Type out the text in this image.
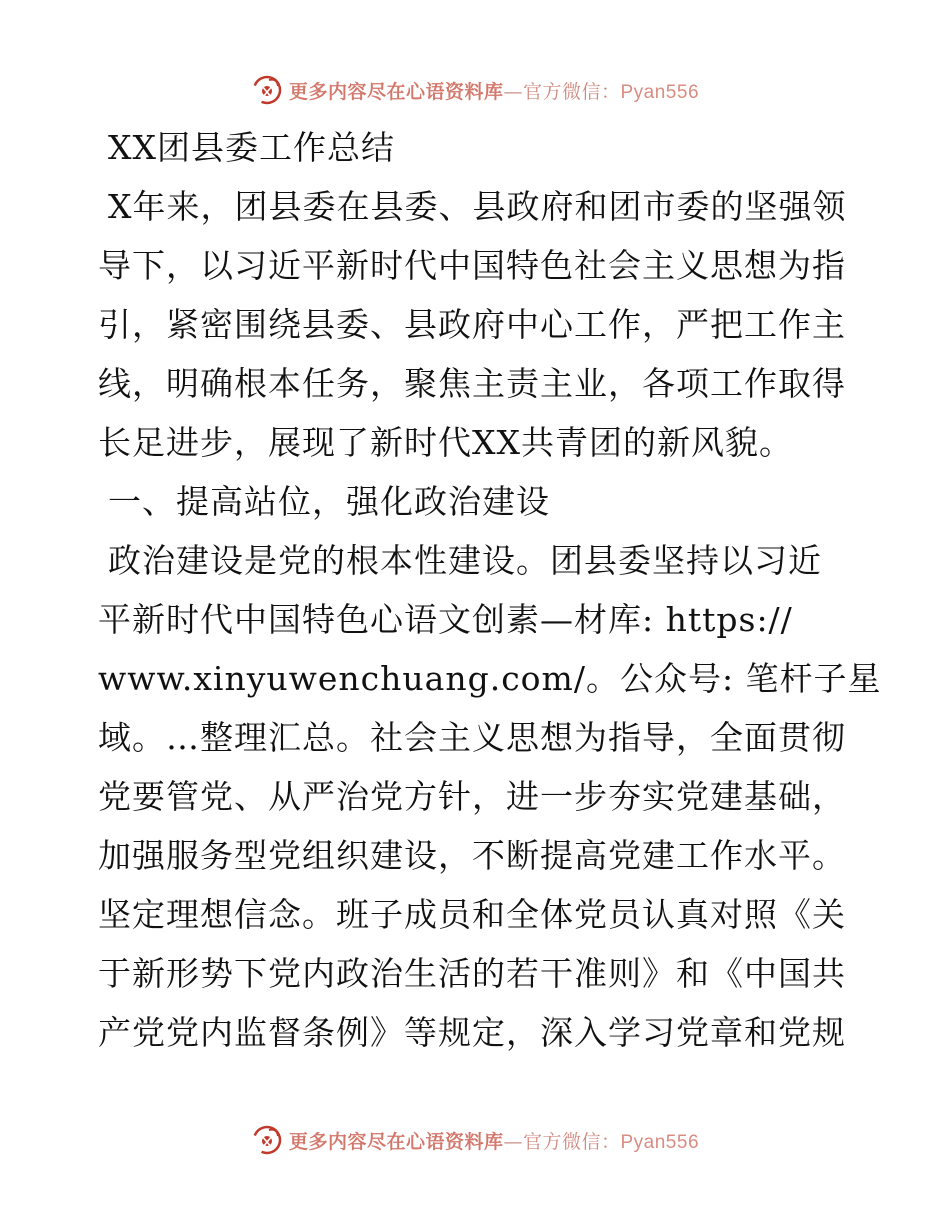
更多内容尽在心语资料库—官方微信：Pyan556
XX团县委工作总结
X年来，团县委在县委、县政府和团市委的坚强领
导下，以习近平新时代中国特色社会主义思想为指
引，紧密围绕县委、县政府中心工作，严把工作主
线，明确根本任务，聚焦主责主业，各项工作取得
长足进步，展现了新时代XX共青团的新风貌。
一、提高站位，强化政治建设
政治建设是党的根本性建设。团县委坚持以习近
平新时代中国特色心语文创素—材库: https://
www.xinyuwenchuang.com/。公众号: 笔杆子星
域。…整理汇总。社会主义思想为指导，全面贯彻
党要管党、从严治党方针，进一步夯实党建基础，
加强服务型党组织建设，不断提高党建工作水平。
坚定理想信念。班子成员和全体党员认真对照《关
于新形势下党内政治生活的若干准则》和《中国共
产党党内监督条例》等规定，深入学习党章和党规
更多内容尽在心语资料库—官方微信：Pyan556
